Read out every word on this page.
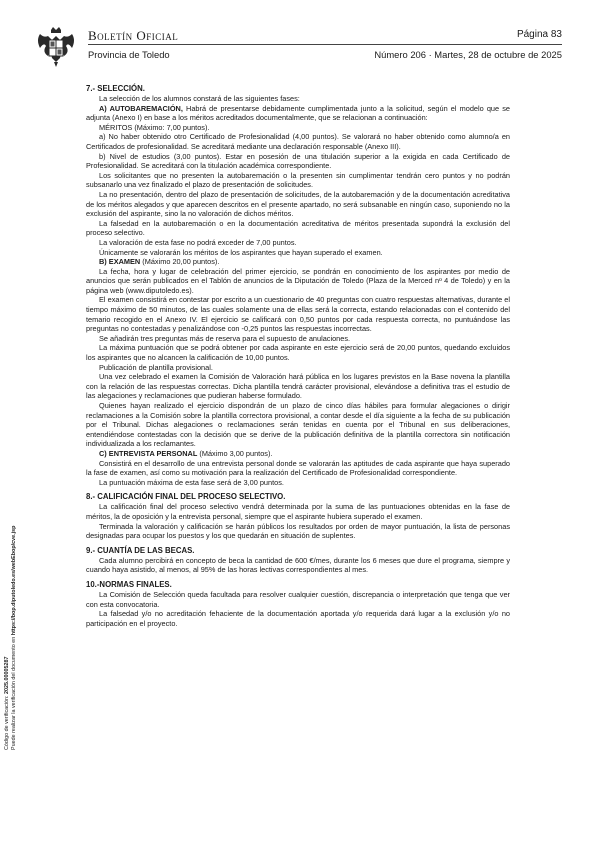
Boletín Oficial
Provincia de Toledo
Página 83
Número 206 · Martes, 28 de octubre de 2025
Código de verificación: 2025.00005287 Puede realizar la verificación del documento en https://bop.diputoledo.es/webEbop/cve.jsp
7.- SELECCIÓN.

La selección de los alumnos constará de las siguientes fases:

A) AUTOBAREMACIÓN, Habrá de presentarse debidamente cumplimentada junto a la solicitud, según el modelo que se adjunta (Anexo I) en base a los méritos acreditados documentalmente, que se relacionan a continuación:

MÉRITOS (Máximo: 7,00 puntos).

a) No haber obtenido otro Certificado de Profesionalidad (4,00 puntos). Se valorará no haber obtenido como alumno/a en Certificados de profesionalidad. Se acreditará mediante una declaración responsable (Anexo III).

b) Nivel de estudios (3,00 puntos). Estar en posesión de una titulación superior a la exigida en cada Certificado de Profesionalidad. Se acreditará con la titulación académica correspondiente.

Los solicitantes que no presenten la autobaremación o la presenten sin cumplimentar tendrán cero puntos y no podrán subsanarlo una vez finalizado el plazo de presentación de solicitudes.

La no presentación, dentro del plazo de presentación de solicitudes, de la autobaremación y de la documentación acreditativa de los méritos alegados y que aparecen descritos en el presente apartado, no será subsanable en ningún caso, suponiendo no la exclusión del aspirante, sino la no valoración de dichos méritos.

La falsedad en la autobaremación o en la documentación acreditativa de méritos presentada supondrá la exclusión del proceso selectivo.

La valoración de esta fase no podrá exceder de 7,00 puntos.

Únicamente se valorarán los méritos de los aspirantes que hayan superado el examen.

B) EXAMEN (Máximo 20,00 puntos).

La fecha, hora y lugar de celebración del primer ejercicio, se pondrán en conocimiento de los aspirantes por medio de anuncios que serán publicados en el Tablón de anuncios de la Diputación de Toledo (Plaza de la Merced nº 4 de Toledo) y en la página web (www.diputoledo.es).

El examen consistirá en contestar por escrito a un cuestionario de 40 preguntas con cuatro respuestas alternativas, durante el tiempo máximo de 50 minutos, de las cuales solamente una de ellas será la correcta, estando relacionadas con el contenido del temario recogido en el Anexo IV. El ejercicio se calificará con 0,50 puntos por cada respuesta correcta, no puntuándose las preguntas no contestadas y penalizándose con -0,25 puntos las respuestas incorrectas.

Se añadirán tres preguntas más de reserva para el supuesto de anulaciones.

La máxima puntuación que se podrá obtener por cada aspirante en este ejercicio será de 20,00 puntos, quedando excluidos los aspirantes que no alcancen la calificación de 10,00 puntos.

Publicación de plantilla provisional.

Una vez celebrado el examen la Comisión de Valoración hará pública en los lugares previstos en la Base novena la plantilla con la relación de las respuestas correctas. Dicha plantilla tendrá carácter provisional, elevándose a definitiva tras el estudio de las alegaciones y reclamaciones que pudieran haberse formulado.

Quienes hayan realizado el ejercicio dispondrán de un plazo de cinco días hábiles para formular alegaciones o dirigir reclamaciones a la Comisión sobre la plantilla correctora provisional, a contar desde el día siguiente a la fecha de su publicación por el Tribunal. Dichas alegaciones o reclamaciones serán tenidas en cuenta por el Tribunal en sus deliberaciones, entendiéndose contestadas con la decisión que se derive de la publicación definitiva de la plantilla correctora sin notificación individualizada a los reclamantes.

C) ENTREVISTA PERSONAL (Máximo 3,00 puntos).

Consistirá en el desarrollo de una entrevista personal donde se valorarán las aptitudes de cada aspirante que haya superado la fase de examen, así como su motivación para la realización del Certificado de Profesionalidad correspondiente.

La puntuación máxima de esta fase será de 3,00 puntos.

8.- CALIFICACIÓN FINAL DEL PROCESO SELECTIVO.

La calificación final del proceso selectivo vendrá determinada por la suma de las puntuaciones obtenidas en la fase de méritos, la de oposición y la entrevista personal, siempre que el aspirante hubiera superado el examen.

Terminada la valoración y calificación se harán públicos los resultados por orden de mayor puntuación, la lista de personas designadas para ocupar los puestos y los que quedarán en situación de suplentes.

9.- CUANTÍA DE LAS BECAS.

Cada alumno percibirá en concepto de beca la cantidad de 600 €/mes, durante los 6 meses que dure el programa, siempre y cuando haya asistido, al menos, al 95% de las horas lectivas correspondientes al mes.

10.-NORMAS FINALES.

La Comisión de Selección queda facultada para resolver cualquier cuestión, discrepancia o interpretación que tenga que ver con esta convocatoria.

La falsedad y/o no acreditación fehaciente de la documentación aportada y/o requerida dará lugar a la exclusión y/o no participación en el proyecto.
